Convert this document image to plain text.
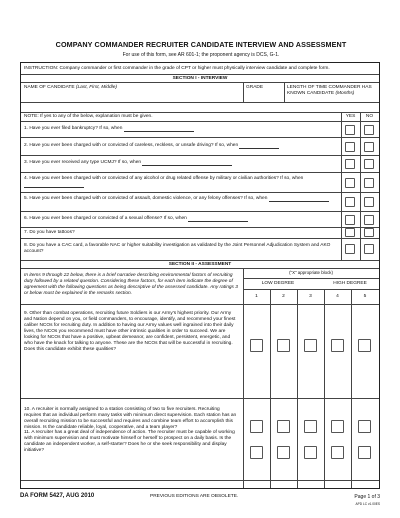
COMPANY COMMANDER RECRUITER CANDIDATE INTERVIEW AND ASSESSMENT
For use of this form, see AR 601-1; the proponent agency is DCS, G-1.
INSTRUCTION: Company commander or first commander in the grade of CPT or higher must physically interview candidate and complete form.
SECTION I - INTERVIEW
NAME OF CANDIDATE (Last, First, Middle)	GRADE	LENGTH OF TIME COMMANDER HAS KNOWN CANDIDATE (Months)
NOTE: If yes to any of the below, explanation must be given.	YES	NO
1. Have you ever filed bankruptcy? If so, when
2. Have you ever been charged with or convicted of careless, reckless, or unsafe driving? If so, when
3. Have you ever received any type UCMJ? If so, when
4. Have you ever been charged with or convicted of any alcohol or drug related offense by military or civilian authorities? If so, when
5. Have you ever been charged with or convicted of assault, domestic violence, or any felony offenses? If so, when
6. Have you ever been charged or convicted of a sexual offense? If so, when
7. Do you have tattoos?
8. Do you have a CAC card, a favorable NAC or higher suitability investigation as validated by the Joint Personnel Adjudication System and AKO account?
SECTION II - ASSESSMENT
In items 9 through 22 below, there is a brief narrative describing environmental factors of recruiting duty followed by a related question. Considering these factors, for each item indicate the degree of agreement with the following questions as being descriptive of the assessed candidate. Any ratings 3 or below must be explained in the remarks section.
("X" appropriate block)
LOW DEGREE	HIGH DEGREE
1	2	3	4	5
9. Other than combat operations, recruiting future Soldiers is our Army's highest priority. Our Army and Nation depend on you, or field commanders, to encourage, identify, and recommend your finest caliber NCOs for recruiting duty. In addition to having our Army values well ingrained into their daily lives, the NCOs you recommend must have other intrinsic qualities in order to succeed. We are looking for NCOs that have a positive, upbeat demeanor, are confident, persistent, energetic, and who have the knack for talking to anyone. These are the NCOs that will be successful in recruiting. Does this candidate exhibit these qualities?
10. A recruiter is normally assigned to a station consisting of two to five recruiters. Recruiting requires that an individual perform many tasks with minimum direct supervision. Each station has an overall recruiting mission to be successful and requires and combine team effort to accomplish this mission. Is the candidate reliable, loyal, cooperative, and a team player?
DA FORM 5427, AUG 2010	PREVIOUS EDITIONS ARE OBSOLETE.	Page 1 of 3
APD LC v1.00ES
11. A recruiter has a great deal of independence of action. The recruiter must be capable of working with minimum supervision and must motivate himself or herself to prospect on a daily basis. Is the candidate an independent worker, a self-starter? Does he or she seek responsibility and display initiative?
